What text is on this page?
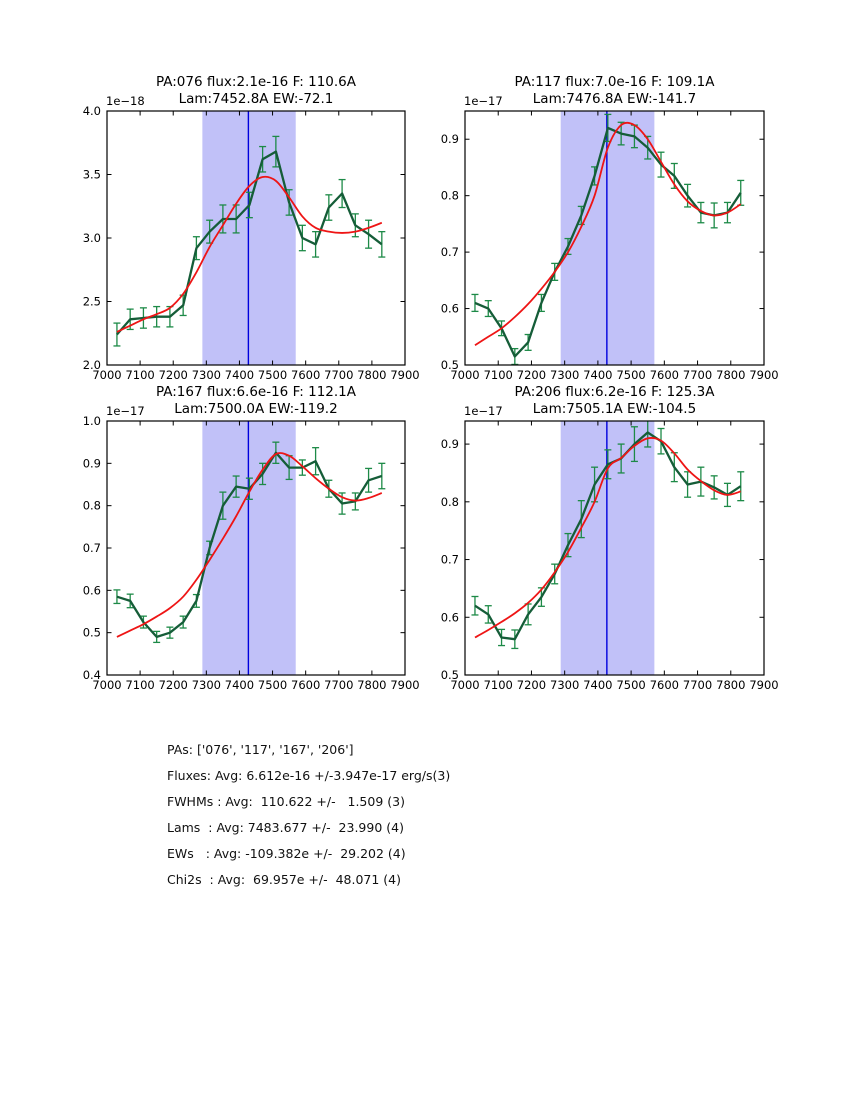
PA:076 flux:2.1e-16 F: 110.6A
Lam:7452.8A EW:-72.1
PA:117 flux:7.0e-16 F: 109.1A
Lam:7476.8A EW:-141.7
PA:167 flux:6.6e-16 F: 112.1A
Lam:7500.0A EW:-119.2
PA:206 flux:6.2e-16 F: 125.3A
Lam:7505.1A EW:-104.5
1e−18	1e−17
1e−17	1e−17
7000 7100 7200 7300 7400 7500 7600 7700 7800 7900
2.0
2.5
3.0
3.5
4.0
7000 7100 7200 7300 7400 7500 7600 7700 7800 7900
0.5
0.6
0.7
0.8
0.9
7000 7100 7200 7300 7400 7500 7600 7700 7800 7900
0.4
0.5
0.6
0.7
0.8
0.9
1.0
7000 7100 7200 7300 7400 7500 7600 7700 7800 7900
0.5
0.6
0.7
0.8
0.9
PAs: ['076', '117', '167', '206']
Fluxes: Avg: 6.612e-16 +/-3.947e-17 erg/s(3)
FWHMs : Avg:  110.622 +/-   1.509 (3)
Lams  : Avg: 7483.677 +/-  23.990 (4)
EWs   : Avg: -109.382e +/-  29.202 (4)
Chi2s  : Avg:  69.957e +/-  48.071 (4)
